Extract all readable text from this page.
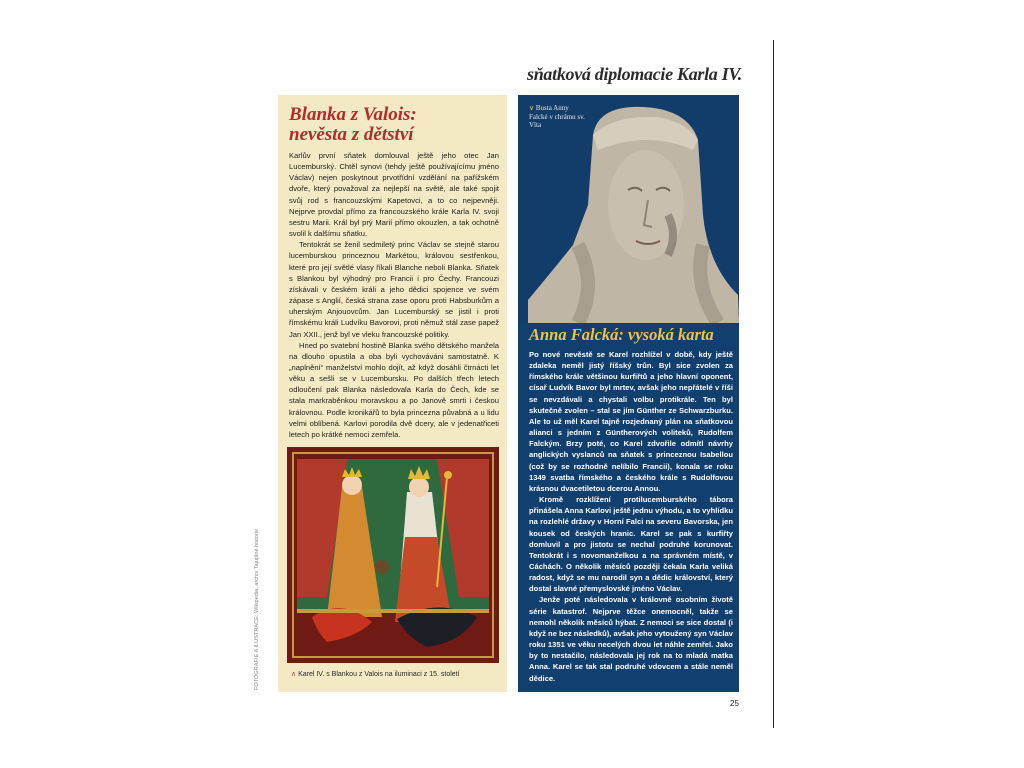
sňatková diplomacie Karla IV.
Blanka z Valois:
nevěsta z dětství

Karlův první sňatek domlouval ještě jeho otec Jan Lucemburský. Chtěl synovi (tehdy ještě používajícímu jméno Václav) nejen poskytnout prvotřídní vzdělání na pařížském dvoře, který považoval za nejlepší na světě, ale také spojit svůj rod s francouzskými Kapetovci, a to co nejpevněji. Nejprve provdal přímo za francouzského krále Karla IV. svoji sestru Marii. Král byl prý Marií přímo okouzlen, a tak ochotně svolil k dalšímu sňatku.

Tentokrát se ženil sedmiletý princ Václav se stejně starou lucemburskou princeznou Markétou, královou sestřenkou, které pro její světlé vlasy říkali Blanche neboli Blanka. Sňatek s Blankou byl výhodný pro Francii i pro Čechy. Francouzi získávali v českém králi a jeho dědici spojence ve svém zápase s Anglií, česká strana zase oporu proti Habsburkům a uherským Anjouovcům. Jan Lucemburský se jistil i proti římskému králi Ludvíku Bavorovi, proti němuž stál zase papež Jan XXII., jenž byl ve vleku francouzské politiky.

Hned po svatební hostině Blanka svého dětského manžela na dlouho opustila a oba byli vychováváni samostatně. K „naplnění“ manželství mohlo dojít, až když dosáhli čtrnácti let věku a sešli se v Lucembursku. Po dalších třech letech odloučení pak Blanka následovala Karla do Čech, kde se stala markraběnkou moravskou a po Janově smrti i českou královnou. Podle kronikářů to byla princezna půvabná a u lidu velmi oblíbená. Karlovi porodila dvě dcery, ale v jedenatřiceti letech po krátké nemoci zemřela.

∧ Karel IV. s Blankou z Valois na iluminaci z 15. století
FOTOGRAFIE A ILUSTRACE: Wikipedia, archiv Tajuplné historie
∨ Busta Anny Falcké v chrámu sv. Víta
Anna Falcká: vysoká karta

Po nové nevěstě se Karel rozhlížel v době, kdy ještě zdaleka neměl jistý říšský trůn. Byl sice zvolen za římského krále většinou kurfiřtů a jeho hlavní oponent, císař Ludvík Bavor byl mrtev, avšak jeho nepřátelé v říši se nevzdávali a chystali volbu protikrále. Ten byl skutečně zvolen – stal se jím Günther ze Schwarzburku. Ale to už měl Karel tajně rozjednaný plán na sňatkovou alianci s jedním z Güntherových voliteků, Rudolfem Falckým. Brzy poté, co Karel zdvořile odmítl návrhy anglických vyslanců na sňatek s princeznou Isabellou (což by se rozhodně nelíbilo Francii), konala se roku 1349 svatba římského a českého krále s Rudolfovou krásnou dvacetiletou dcerou Annou.

Kromě rozklížení protilucemburského tábora přinášela Anna Karlovi ještě jednu výhodu, a to vyhlídku na rozlehlé državy v Horní Falci na severu Bavorska, jen kousek od českých hranic. Karel se pak s kurfiřty domluvil a pro jistotu se nechal podruhé korunovat. Tentokrát i s novomanželkou a na správném místě, v Cáchách. O několik měsíců později čekala Karla veliká radost, když se mu narodil syn a dědic království, který dostal slavné přemyslovské jméno Václav.

Jenže poté následovala v královně osobním životě série katastrof. Nejprve těžce onemocněl, takže se nemohl několik měsíců hýbat. Z nemoci se sice dostal (i když ne bez následků), avšak jeho vytoužený syn Václav roku 1351 ve věku necelých dvou let náhle zemřel. Jako by to nestačilo, následovala jej rok na to mladá matka Anna. Karel se tak stal podruhé vdovcem a stále neměl dědice.

25
